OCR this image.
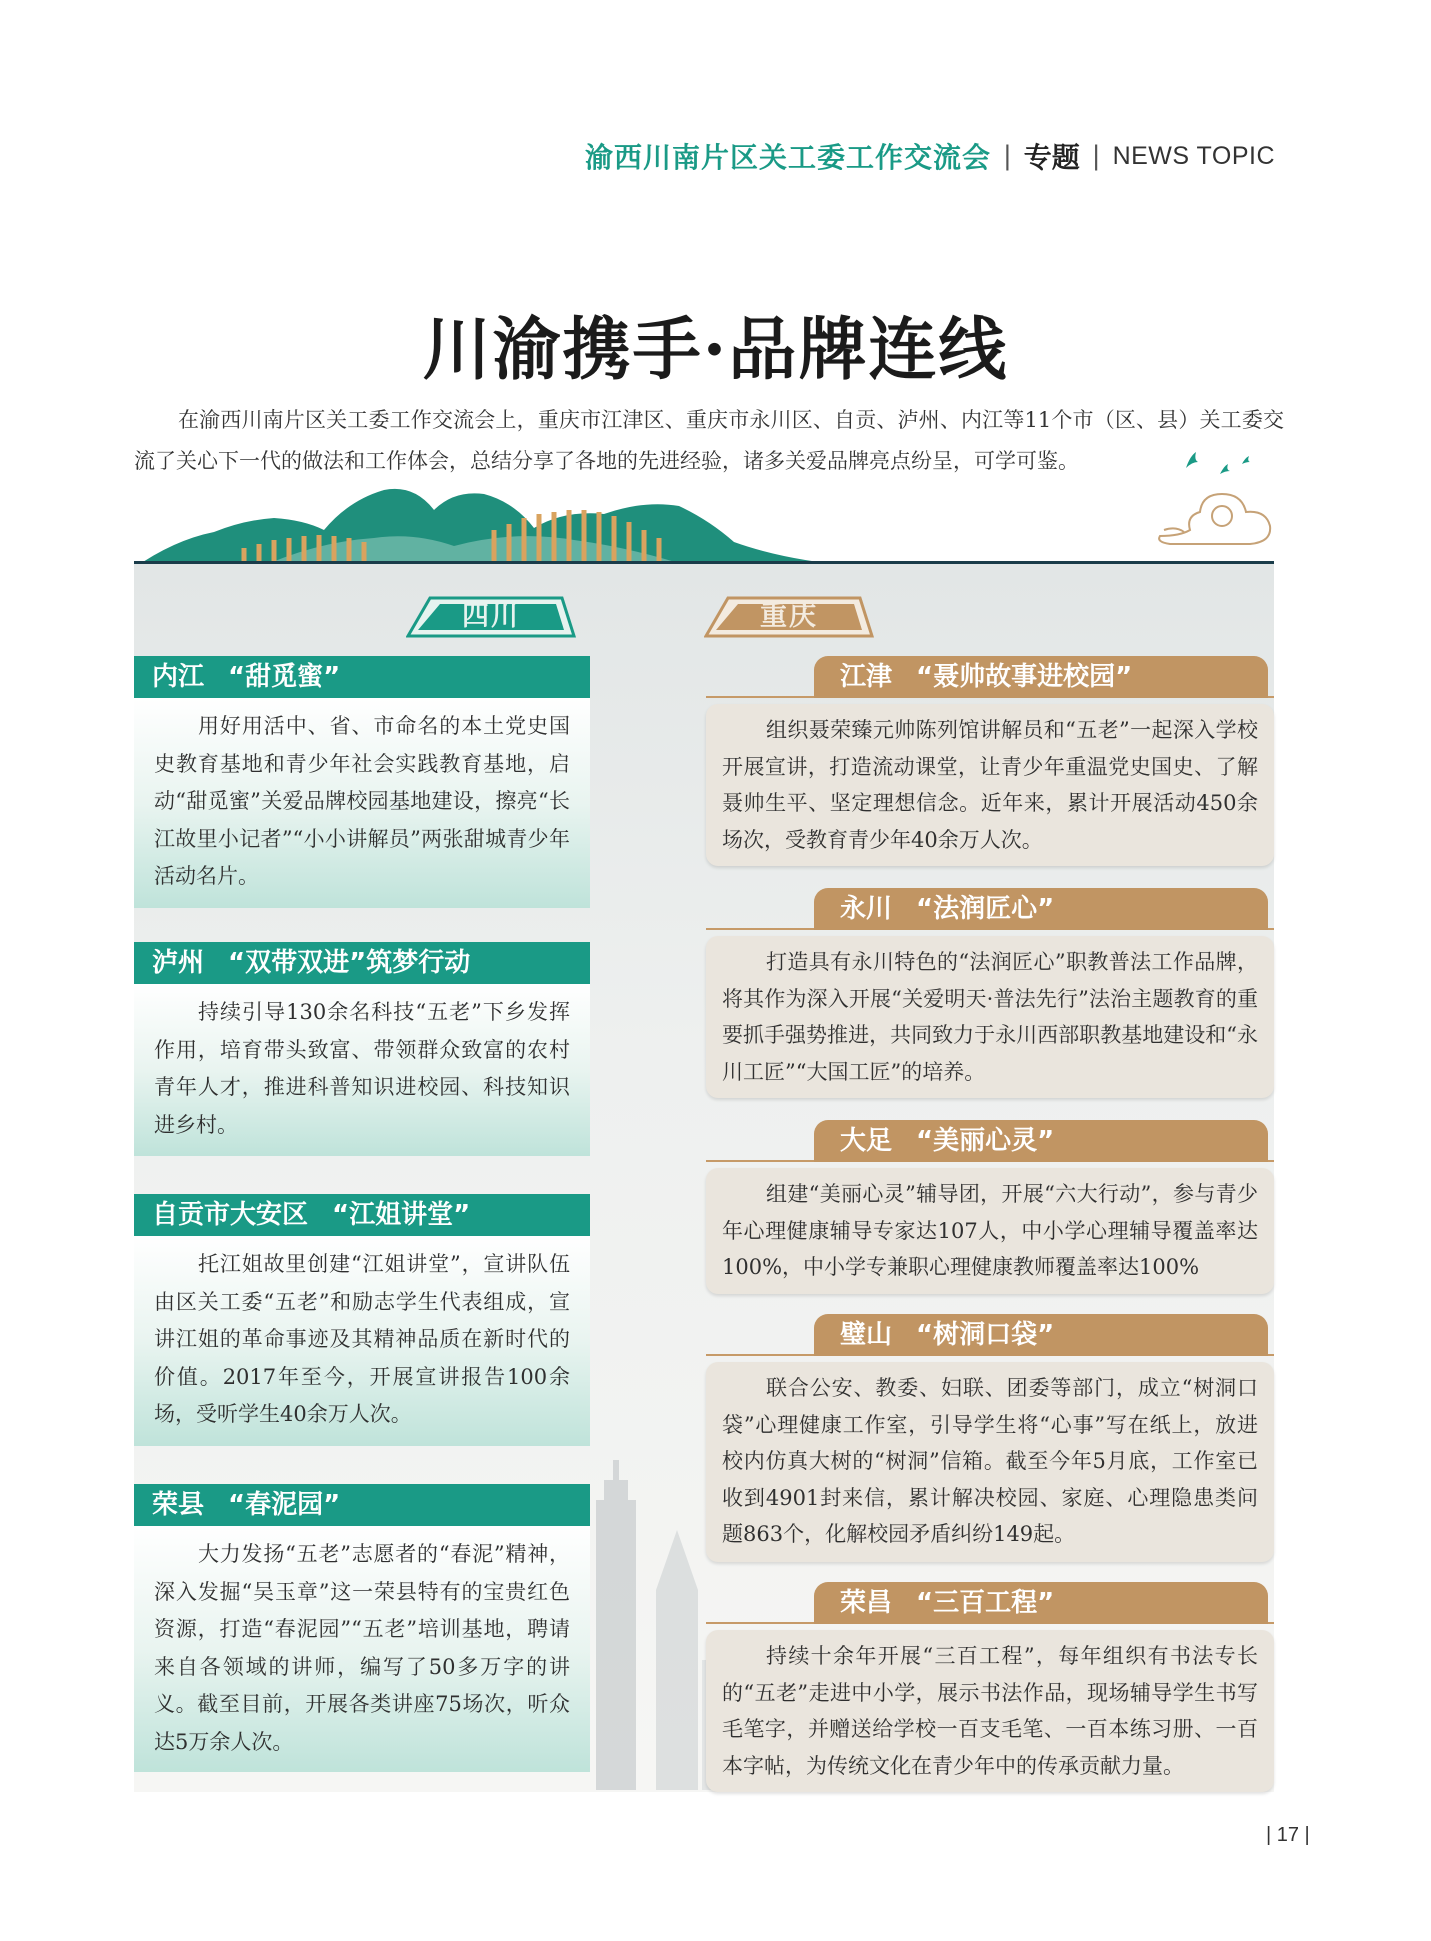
渝西川南片区关工委工作交流会 | 专题 | NEWS TOPIC
川渝携手·品牌连线

在渝西川南片区关工委工作交流会上，重庆市江津区、重庆市永川区、自贡、泸州、内江等11个市（区、县）关工委交流了关心下一代的做法和工作体会，总结分享了各地的先进经验，诸多关爱品牌亮点纷呈，可学可鉴。

四川	重庆
内江 “甜觅蜜”
用好用活中、省、市命名的本土党史国史教育基地和青少年社会实践教育基地，启动“甜觅蜜”关爱品牌校园基地建设，擦亮“长江故里小记者”“小小讲解员”两张甜城青少年活动名片。
泸州 “双带双进”筑梦行动
持续引导130余名科技“五老”下乡发挥作用，培育带头致富、带领群众致富的农村青年人才，推进科普知识进校园、科技知识进乡村。
自贡市大安区 “江姐讲堂”
托江姐故里创建“江姐讲堂”，宣讲队伍由区关工委“五老”和励志学生代表组成，宣讲江姐的革命事迹及其精神品质在新时代的价值。2017年至今，开展宣讲报告100余场，受听学生40余万人次。
荣县 “春泥园”
大力发扬“五老”志愿者的“春泥”精神，深入发掘“吴玉章”这一荣县特有的宝贵红色资源，打造“春泥园”“五老”培训基地，聘请来自各领域的讲师，编写了50多万字的讲义。截至目前，开展各类讲座75场次，听众达5万余人次。
江津 “聂帅故事进校园”
组织聂荣臻元帅陈列馆讲解员和“五老”一起深入学校开展宣讲，打造流动课堂，让青少年重温党史国史、了解聂帅生平、坚定理想信念。近年来，累计开展活动450余场次，受教育青少年40余万人次。
永川 “法润匠心”
打造具有永川特色的“法润匠心”职教普法工作品牌，将其作为深入开展“关爱明天·普法先行”法治主题教育的重要抓手强势推进，共同致力于永川西部职教基地建设和“永川工匠”“大国工匠”的培养。
大足 “美丽心灵”
组建“美丽心灵”辅导团，开展“六大行动”，参与青少年心理健康辅导专家达107人，中小学心理辅导覆盖率达100%，中小学专兼职心理健康教师覆盖率达100%
璧山 “树洞口袋”
联合公安、教委、妇联、团委等部门，成立“树洞口袋”心理健康工作室，引导学生将“心事”写在纸上，放进校内仿真大树的“树洞”信箱。截至今年5月底，工作室已收到4901封来信，累计解决校园、家庭、心理隐患类问题863个，化解校园矛盾纠纷149起。
荣昌 “三百工程”
持续十余年开展“三百工程”，每年组织有书法专长的“五老”走进中小学，展示书法作品，现场辅导学生书写毛笔字，并赠送给学校一百支毛笔、一百本练习册、一百本字帖，为传统文化在青少年中的传承贡献力量。
| 17 |
